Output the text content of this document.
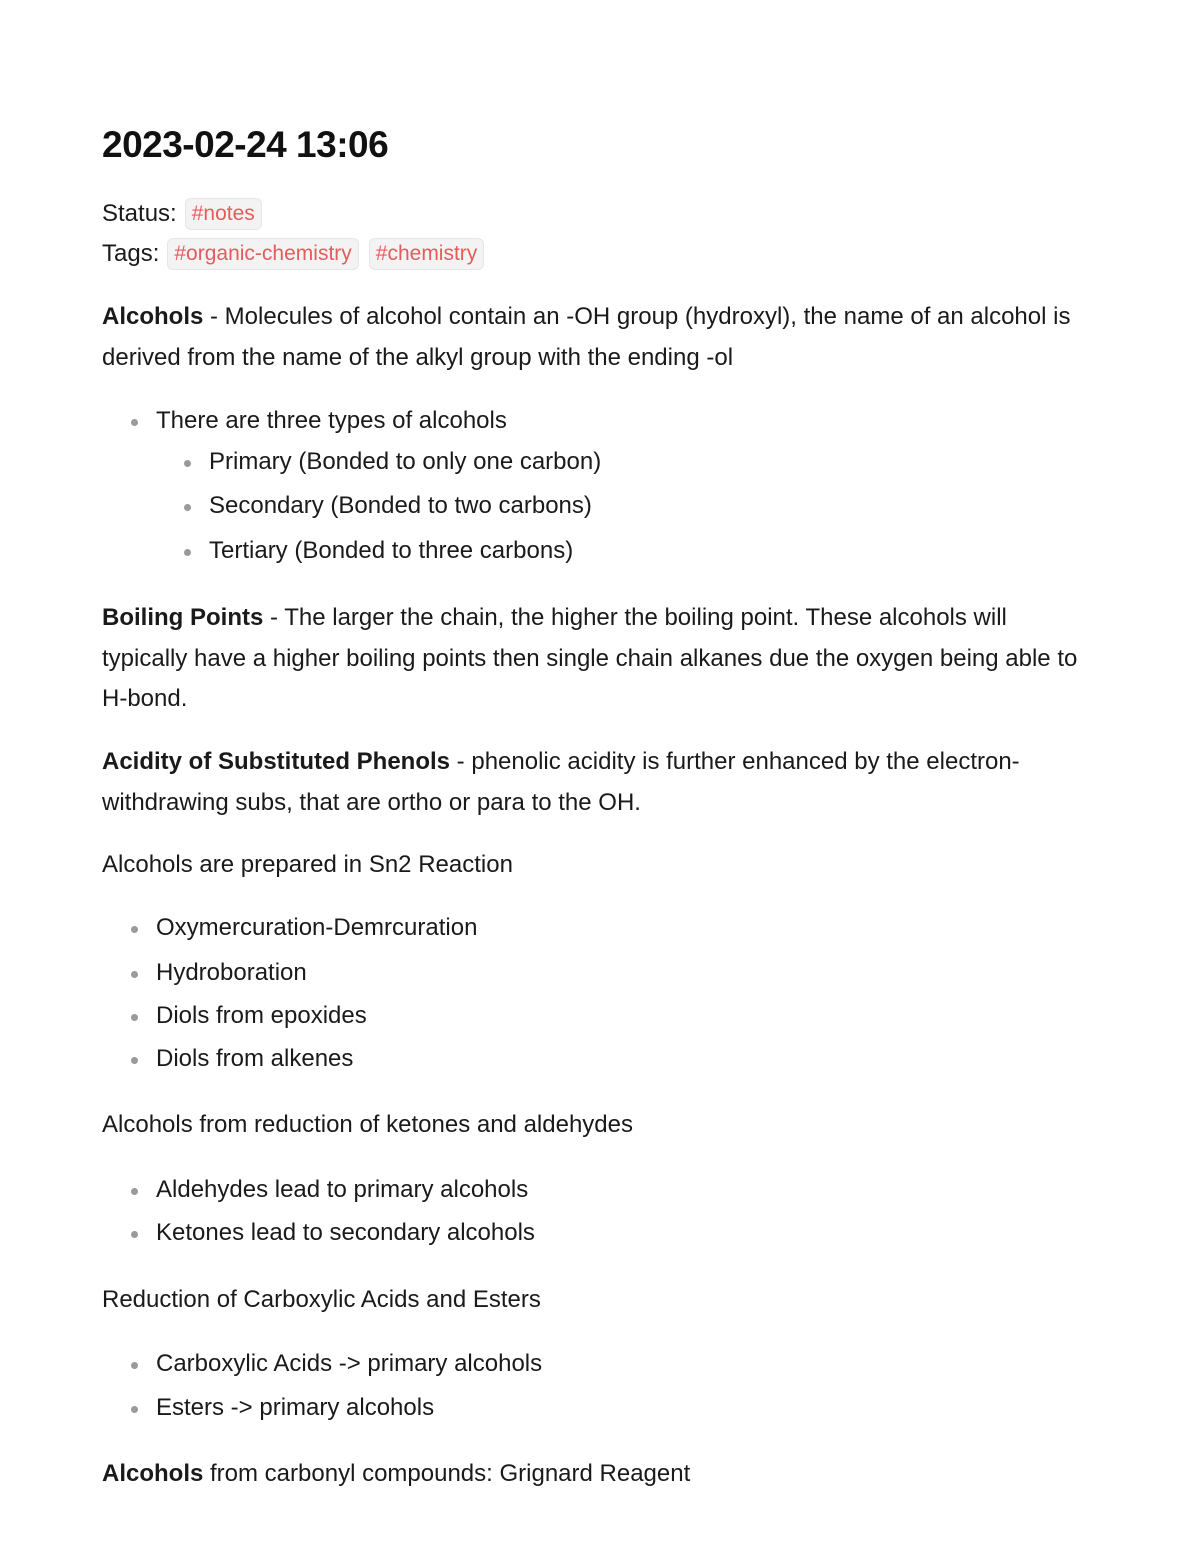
2023-02-24 13:06
Status: #notes
Tags: #organic-chemistry	#chemistry

Alcohols - Molecules of alcohol contain an -OH group (hydroxyl), the name of an alcohol is derived from the name of the alkyl group with the ending -ol

There are three types of alcohols
Primary (Bonded to only one carbon)
Secondary (Bonded to two carbons)
Tertiary (Bonded to three carbons)

Boiling Points - The larger the chain, the higher the boiling point. These alcohols will typically have a higher boiling points then single chain alkanes due the oxygen being able to H-bond.

Acidity of Substituted Phenols - phenolic acidity is further enhanced by the electron-withdrawing subs, that are ortho or para to the OH.

Alcohols are prepared in Sn2 Reaction

Oxymercuration-Demrcuration
Hydroboration
Diols from epoxides
Diols from alkenes

Alcohols from reduction of ketones and aldehydes

Aldehydes lead to primary alcohols
Ketones lead to secondary alcohols

Reduction of Carboxylic Acids and Esters

Carboxylic Acids -> primary alcohols
Esters -> primary alcohols

Alcohols from carbonyl compounds: Grignard Reagent
